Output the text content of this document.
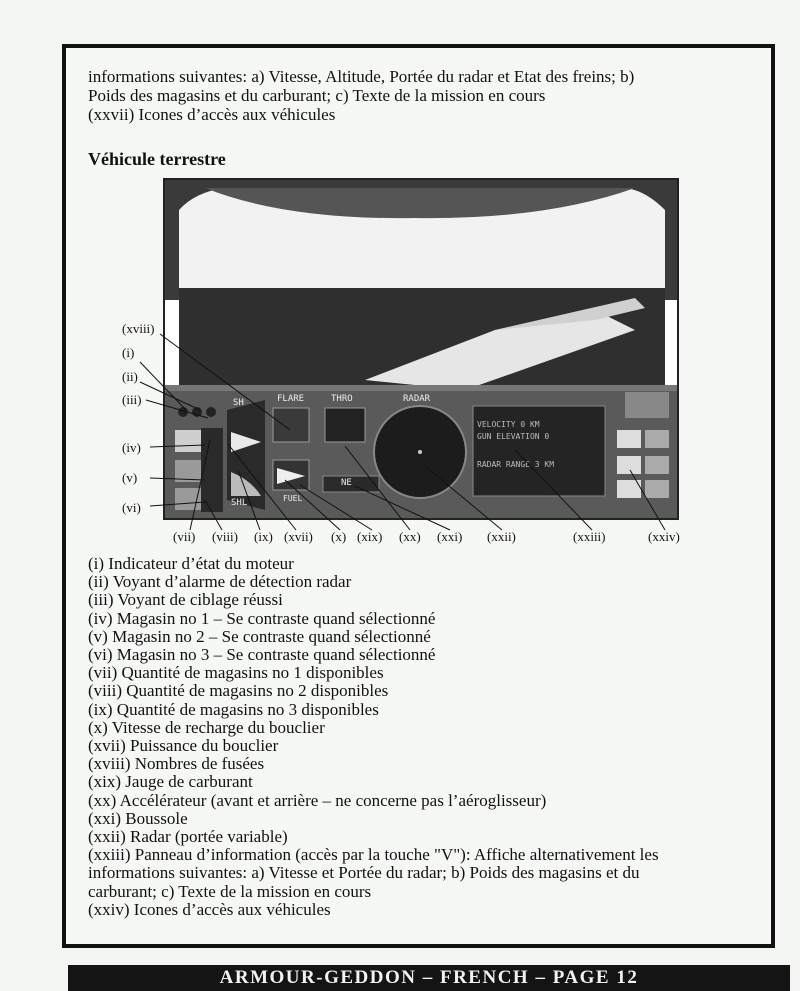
informations suivantes: a) Vitesse, Altitude, Portée du radar et Etat des freins; b)

Poids des magasins et du carburant; c) Texte de la mission en cours

(xxvii) Icones d’accès aux véhicules

Véhicule terrestre
FLARE	THRO	RADAR
SH
SHL	FUEL
NE
VELOCITY 0 KM
GUN ELEVATION 0
RADAR RANGE 3 KM
(xviii)
(i)
(ii)
(iii)
(iv)
(v)
(vi)
(vii) (viii) (ix) (xvii) (x) (xix) (xx) (xxi) (xxii)	(xxiii)	(xxiv)
(i) Indicateur d’état du moteur
(ii) Voyant d’alarme de détection radar
(iii) Voyant de ciblage réussi
(iv) Magasin no 1 – Se contraste quand sélectionné
(v) Magasin no 2 – Se contraste quand sélectionné
(vi) Magasin no 3 – Se contraste quand sélectionné
(vii) Quantité de magasins no 1 disponibles
(viii) Quantité de magasins no 2 disponibles
(ix) Quantité de magasins no 3 disponibles
(x) Vitesse de recharge du bouclier
(xvii) Puissance du bouclier
(xviii) Nombres de fusées
(xix) Jauge de carburant
(xx) Accélérateur (avant et arrière – ne concerne pas l’aéroglisseur)
(xxi) Boussole
(xxii) Radar (portée variable)
(xxiii) Panneau d’information (accès par la touche "V"): Affiche alternativement les
informations suivantes: a) Vitesse et Portée du radar; b) Poids des magasins et du
carburant; c) Texte de la mission en cours
(xxiv) Icones d’accès aux véhicules
ARMOUR-GEDDON – FRENCH – PAGE 12
